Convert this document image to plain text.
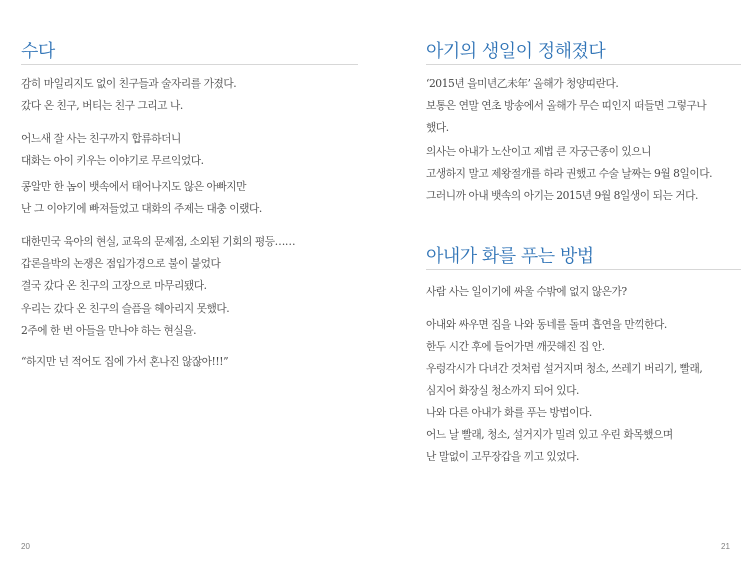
수다
감히 마일리지도 없이 친구들과 술자리를 가졌다.
갔다 온 친구, 버티는 친구 그리고 나.
어느새 잘 사는 친구까지 합류하더니
대화는 아이 키우는 이야기로 무르익었다.
콩알만 한 놈이 뱃속에서 태어나지도 않은 아빠지만
난 그 이야기에 빠져들었고 대화의 주제는 대충 이랬다.
대한민국 육아의 현실, 교육의 문제점, 소외된 기회의 평등……
갑론을박의 논쟁은 점입가경으로 불이 붙었다
결국 갔다 온 친구의 고장으로 마무리됐다.
우리는 갔다 온 친구의 슬픔을 헤아리지 못했다.
2주에 한 번 아들을 만나야 하는 현실을.
“하지만 넌 적어도 집에 가서 혼나진 않잖아!!!”
20
아기의 생일이 정해졌다
‘2015년 을미년乙未年’ 올해가 청양띠란다.
보통은 연말 연초 방송에서 올해가 무슨 띠인지 떠들면 그렇구나
했다.
의사는 아내가 노산이고 제법 큰 자궁근종이 있으니
고생하지 말고 제왕절개를 하라 권했고 수술 날짜는 9월 8일이다.
그러니까 아내 뱃속의 아기는 2015년 9월 8일생이 되는 거다.
아내가 화를 푸는 방법
사람 사는 일이기에 싸울 수밖에 없지 않은가?
아내와 싸우면 집을 나와 동네를 돌며 흡연을 만끽한다.
한두 시간 후에 들어가면 깨끗해진 집 안.
우렁각시가 다녀간 것처럼 설거지며 청소, 쓰레기 버리기, 빨래,
심지어 화장실 청소까지 되어 있다.
나와 다른 아내가 화를 푸는 방법이다.
어느 날 빨래, 청소, 설거지가 밀려 있고 우린 화목했으며
난 말없이 고무장갑을 끼고 있었다.
21
